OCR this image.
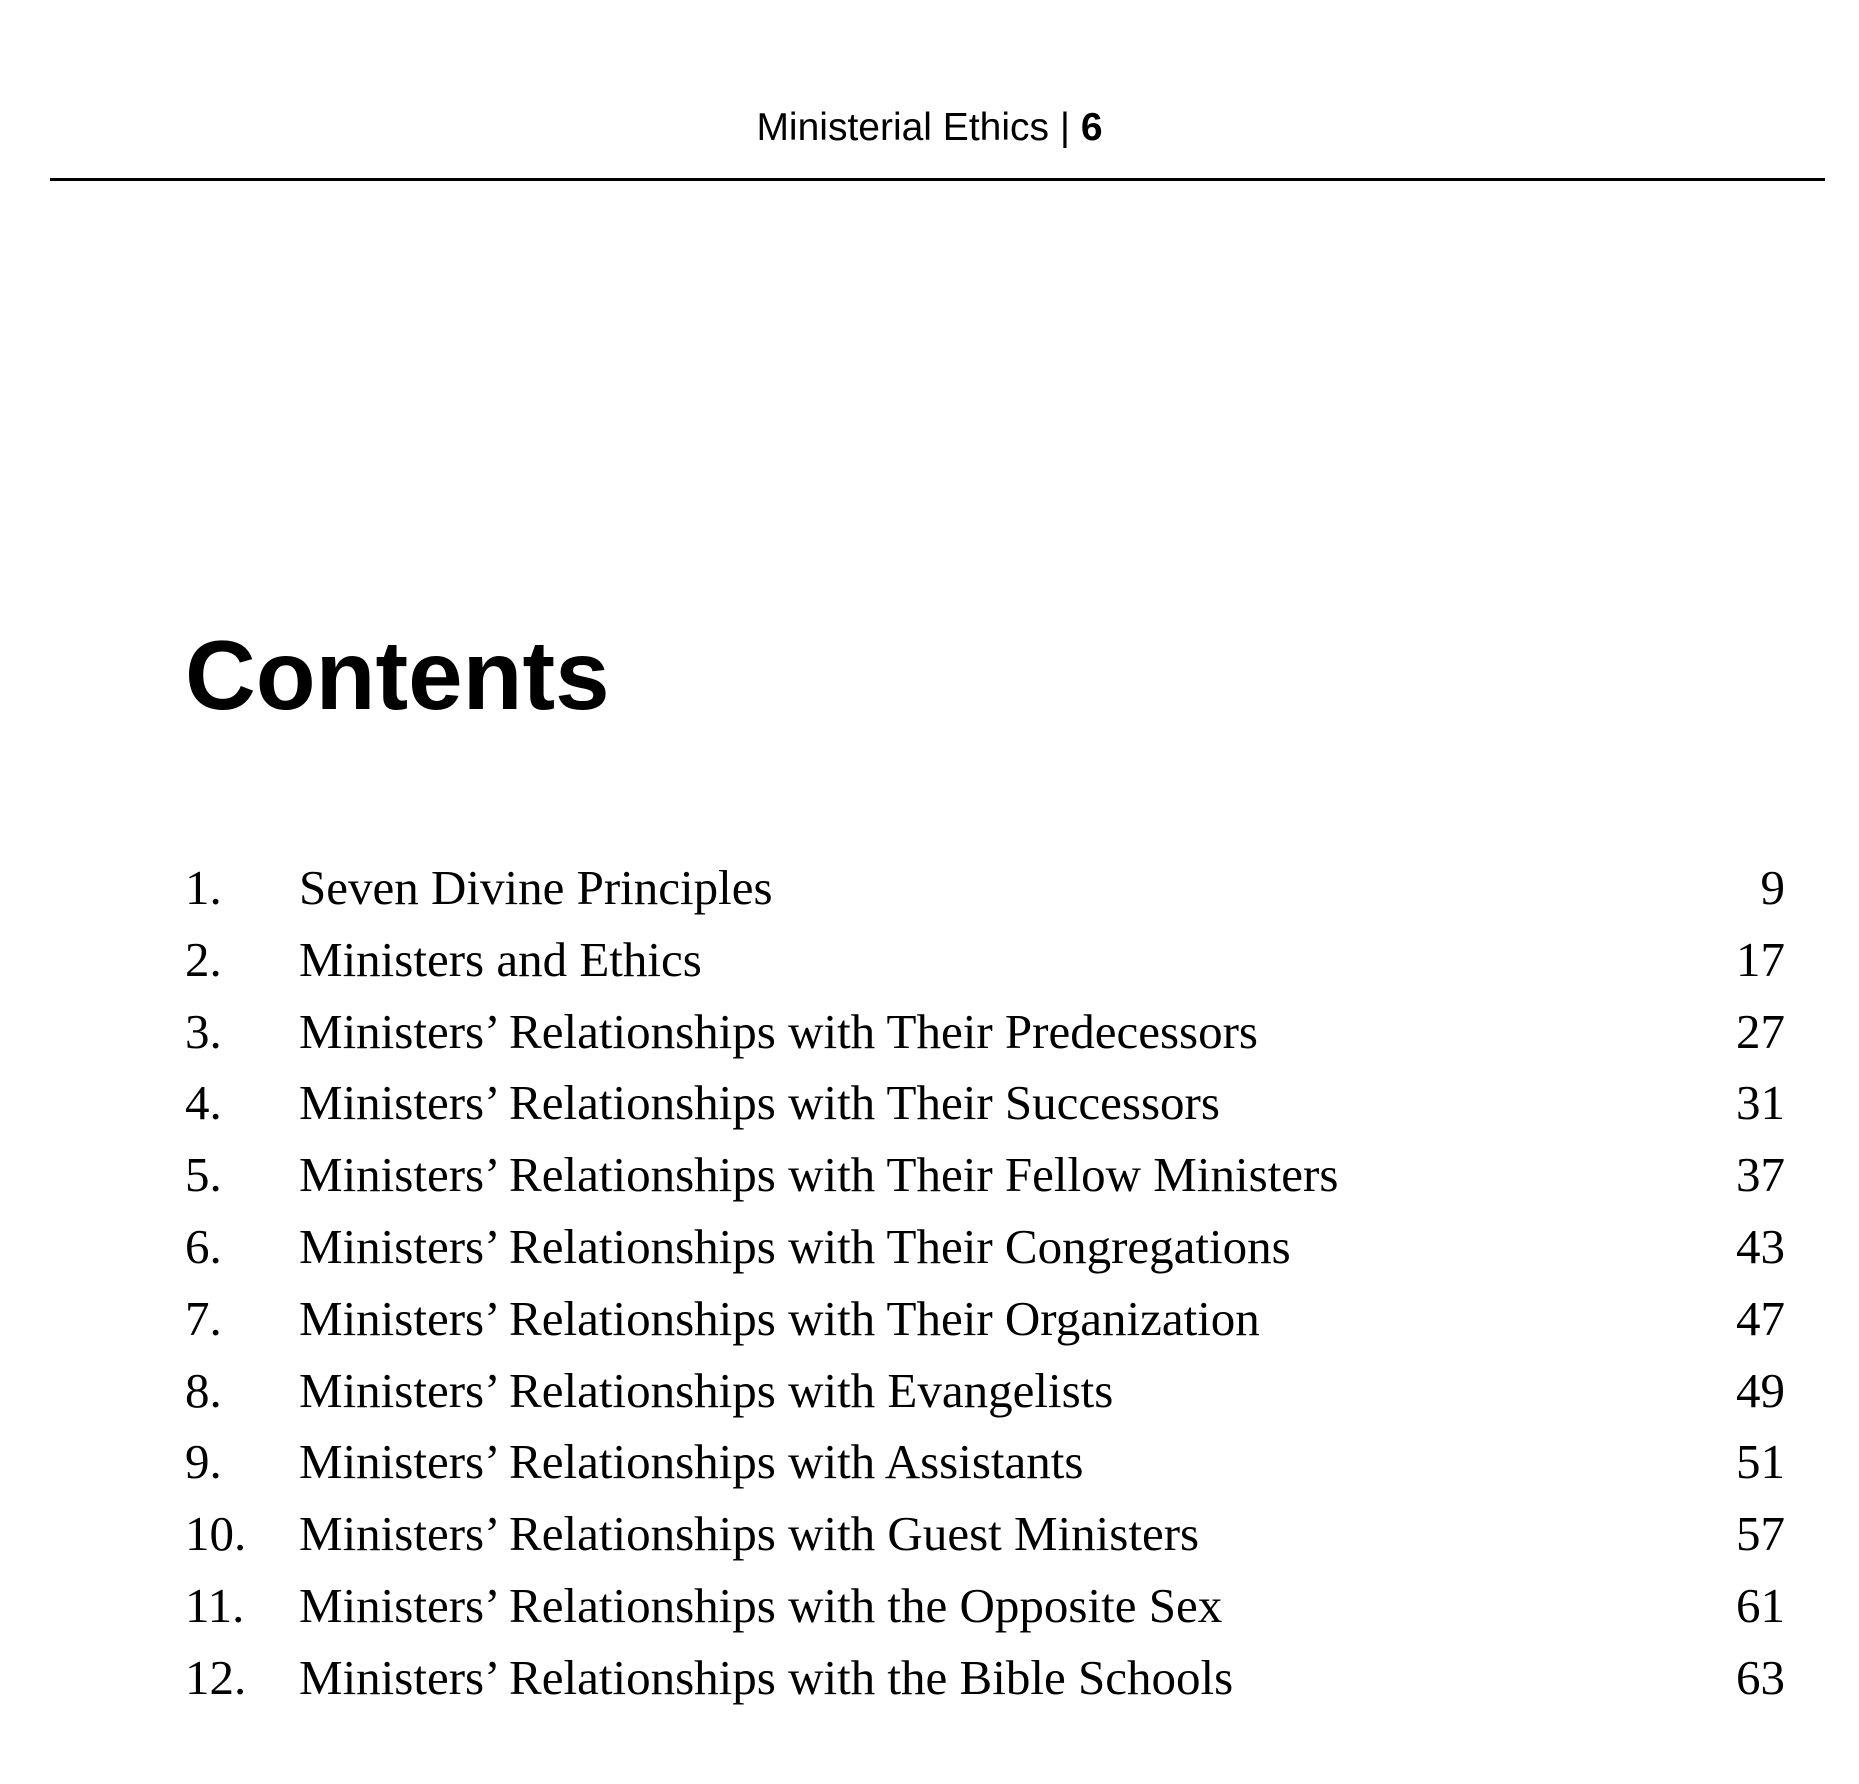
Ministerial Ethics | 6
Contents
1. Seven Divine Principles	9
2. Ministers and Ethics	17
3. Ministers’ Relationships with Their Predecessors	27
4. Ministers’ Relationships with Their Successors	31
5. Ministers’ Relationships with Their Fellow Ministers	37
6. Ministers’ Relationships with Their Congregations	43
7. Ministers’ Relationships with Their Organization	47
8. Ministers’ Relationships with Evangelists	49
9. Ministers’ Relationships with Assistants	51
10. Ministers’ Relationships with Guest Ministers	57
11. Ministers’ Relationships with the Opposite Sex	61
12. Ministers’ Relationships with the Bible Schools	63
